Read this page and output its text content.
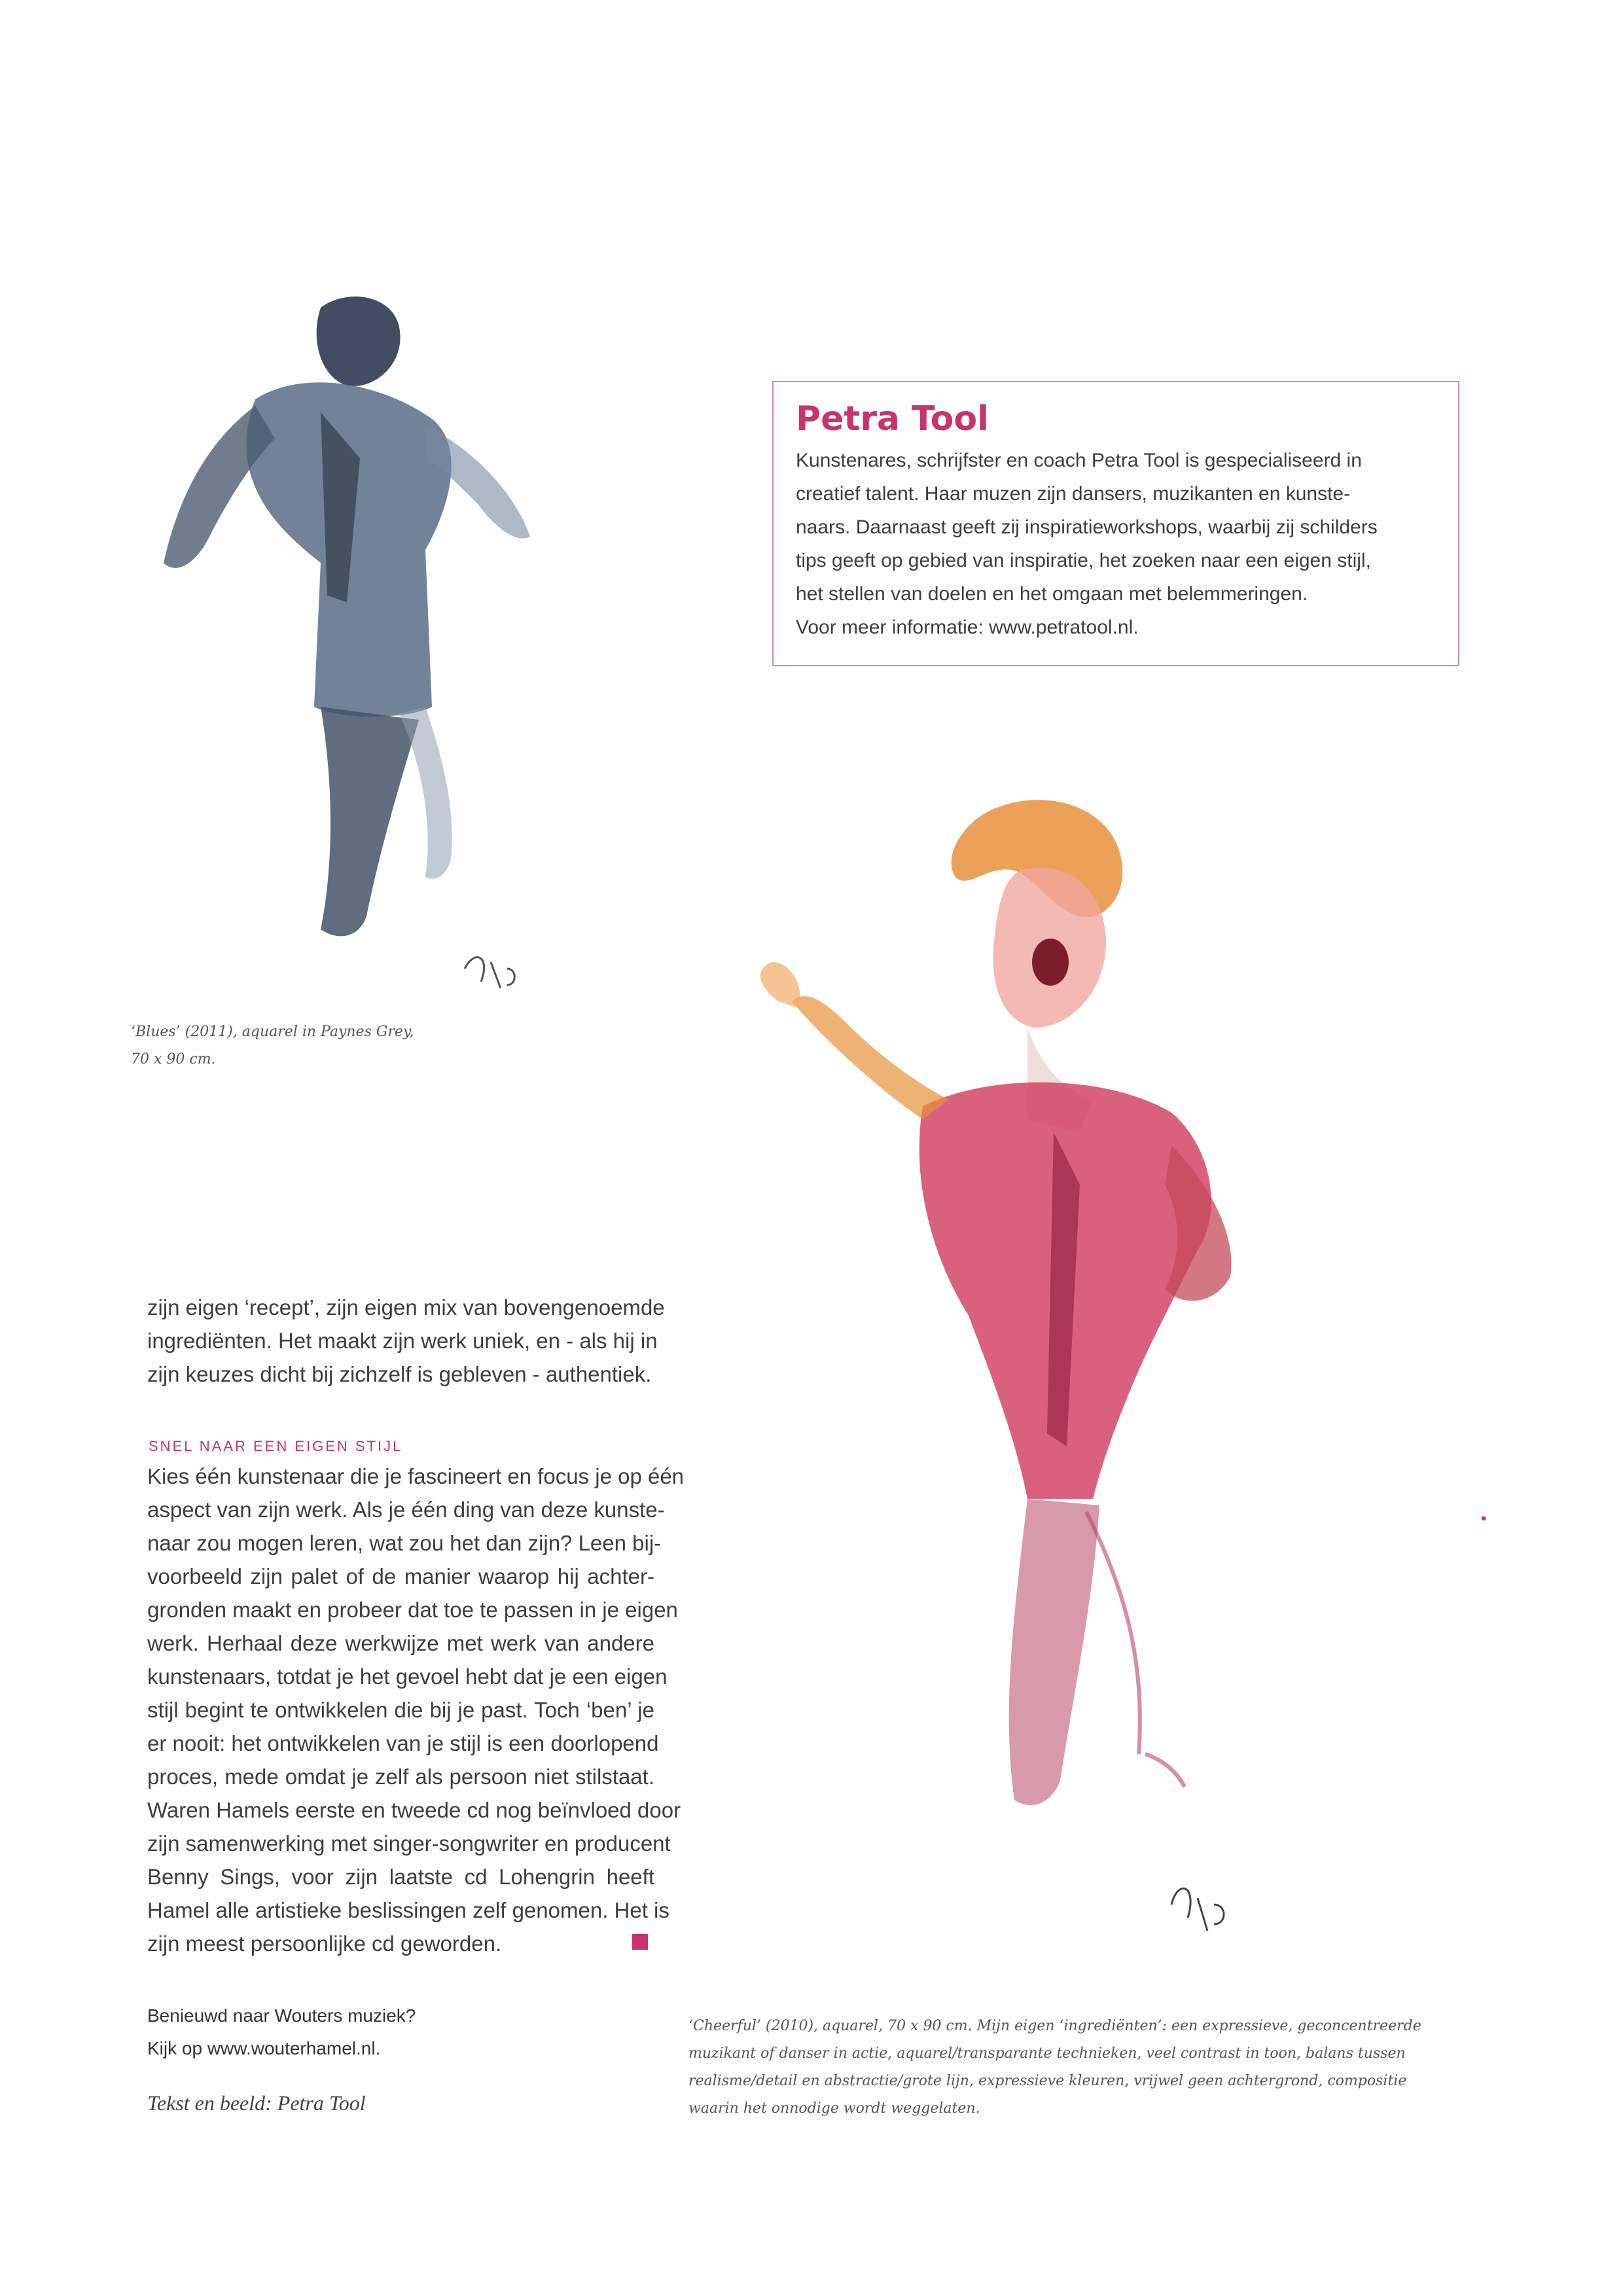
‘Blues’ (2011), aquarel in Paynes Grey,
70 x 90 cm.
Petra Tool
Kunstenares, schrijfster en coach Petra Tool is gespecialiseerd in
creatief talent. Haar muzen zijn dansers, muzikanten en kunste-
naars. Daarnaast geeft zij inspiratieworkshops, waarbij zij schilders
tips geeft op gebied van inspiratie, het zoeken naar een eigen stijl,
het stellen van doelen en het omgaan met belemmeringen.
Voor meer informatie: www.petratool.nl.
zijn eigen ‘recept’, zijn eigen mix van bovengenoemde
ingrediënten. Het maakt zijn werk uniek, en - als hij in
zijn keuzes dicht bij zichzelf is gebleven - authentiek.
SNEL NAAR EEN EIGEN STIJL
Kies één kunstenaar die je fascineert en focus je op één
aspect van zijn werk. Als je één ding van deze kunste-
naar zou mogen leren, wat zou het dan zijn? Leen bij-
voorbeeld zijn palet of de manier waarop hij achter-
gronden maakt en probeer dat toe te passen in je eigen
werk. Herhaal deze werkwijze met werk van andere
kunstenaars, totdat je het gevoel hebt dat je een eigen
stijl begint te ontwikkelen die bij je past. Toch ‘ben’ je
er nooit: het ontwikkelen van je stijl is een doorlopend
proces, mede omdat je zelf als persoon niet stilstaat.
Waren Hamels eerste en tweede cd nog beïnvloed door
zijn samenwerking met singer-songwriter en producent
Benny Sings, voor zijn laatste cd Lohengrin heeft
Hamel alle artistieke beslissingen zelf genomen. Het is
zijn meest persoonlijke cd geworden.
Benieuwd naar Wouters muziek?
Kijk op www.wouterhamel.nl.
Tekst en beeld: Petra Tool
‘Cheerful’ (2010), aquarel, 70 x 90 cm. Mijn eigen ‘ingrediënten’: een expressieve, geconcentreerde
muzikant of danser in actie, aquarel/transparante technieken, veel contrast in toon, balans tussen
realisme/detail en abstractie/grote lijn, expressieve kleuren, vrijwel geen achtergrond, compositie
waarin het onnodige wordt weggelaten.
